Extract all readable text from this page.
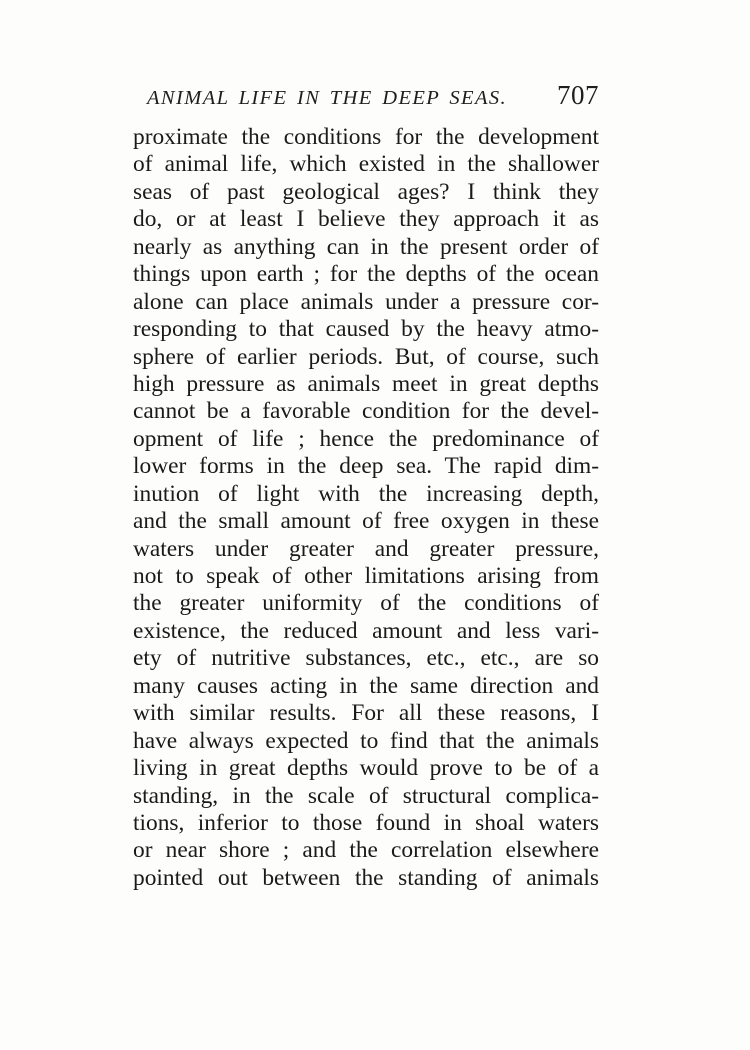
ANIMAL LIFE IN THE DEEP SEAS. 707
proximate the conditions for the development
of animal life, which existed in the shallower
seas of past geological ages? I think they
do, or at least I believe they approach it as
nearly as anything can in the present order of
things upon earth ; for the depths of the ocean
alone can place animals under a pressure cor-
responding to that caused by the heavy atmo-
sphere of earlier periods. But, of course, such
high pressure as animals meet in great depths
cannot be a favorable condition for the devel-
opment of life ; hence the predominance of
lower forms in the deep sea. The rapid dim-
inution of light with the increasing depth,
and the small amount of free oxygen in these
waters under greater and greater pressure,
not to speak of other limitations arising from
the greater uniformity of the conditions of
existence, the reduced amount and less vari-
ety of nutritive substances, etc., etc., are so
many causes acting in the same direction and
with similar results. For all these reasons, I
have always expected to find that the animals
living in great depths would prove to be of a
standing, in the scale of structural complica-
tions, inferior to those found in shoal waters
or near shore ; and the correlation elsewhere
pointed out between the standing of animals
